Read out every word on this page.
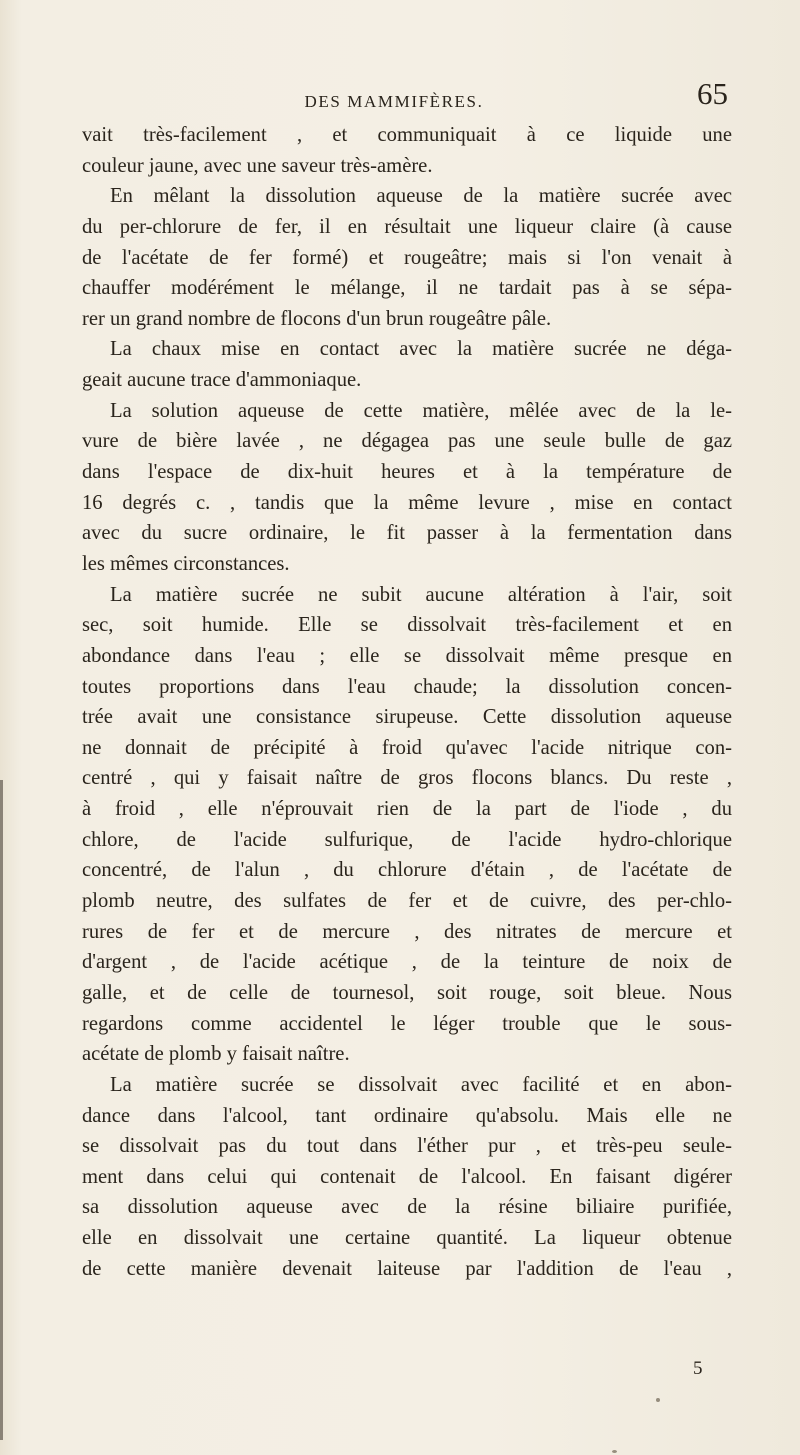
DES MAMMIFÈRES.	65
vait très-facilement , et communiquait à ce liquide une
couleur jaune, avec une saveur très-amère.
En mêlant la dissolution aqueuse de la matière sucrée avec
du per-chlorure de fer, il en résultait une liqueur claire (à cause
de l'acétate de fer formé) et rougeâtre; mais si l'on venait à
chauffer modérément le mélange, il ne tardait pas à se sépa-
rer un grand nombre de flocons d'un brun rougeâtre pâle.
La chaux mise en contact avec la matière sucrée ne déga-
geait aucune trace d'ammoniaque.
La solution aqueuse de cette matière, mêlée avec de la le-
vure de bière lavée , ne dégagea pas une seule bulle de gaz
dans l'espace de dix-huit heures et à la température de
16 degrés c. , tandis que la même levure , mise en contact
avec du sucre ordinaire, le fit passer à la fermentation dans
les mêmes circonstances.
La matière sucrée ne subit aucune altération à l'air, soit
sec, soit humide. Elle se dissolvait très-facilement et en
abondance dans l'eau ; elle se dissolvait même presque en
toutes proportions dans l'eau chaude; la dissolution concen-
trée avait une consistance sirupeuse. Cette dissolution aqueuse
ne donnait de précipité à froid qu'avec l'acide nitrique con-
centré , qui y faisait naître de gros flocons blancs. Du reste ,
à froid , elle n'éprouvait rien de la part de l'iode , du
chlore, de l'acide sulfurique, de l'acide hydro-chlorique
concentré, de l'alun , du chlorure d'étain , de l'acétate de
plomb neutre, des sulfates de fer et de cuivre, des per-chlo-
rures de fer et de mercure , des nitrates de mercure et
d'argent , de l'acide acétique , de la teinture de noix de
galle, et de celle de tournesol, soit rouge, soit bleue. Nous
regardons comme accidentel le léger trouble que le sous-
acétate de plomb y faisait naître.
La matière sucrée se dissolvait avec facilité et en abon-
dance dans l'alcool, tant ordinaire qu'absolu. Mais elle ne
se dissolvait pas du tout dans l'éther pur , et très-peu seule-
ment dans celui qui contenait de l'alcool. En faisant digérer
sa dissolution aqueuse avec de la résine biliaire purifiée,
elle en dissolvait une certaine quantité. La liqueur obtenue
de cette manière devenait laiteuse par l'addition de l'eau ,
5
